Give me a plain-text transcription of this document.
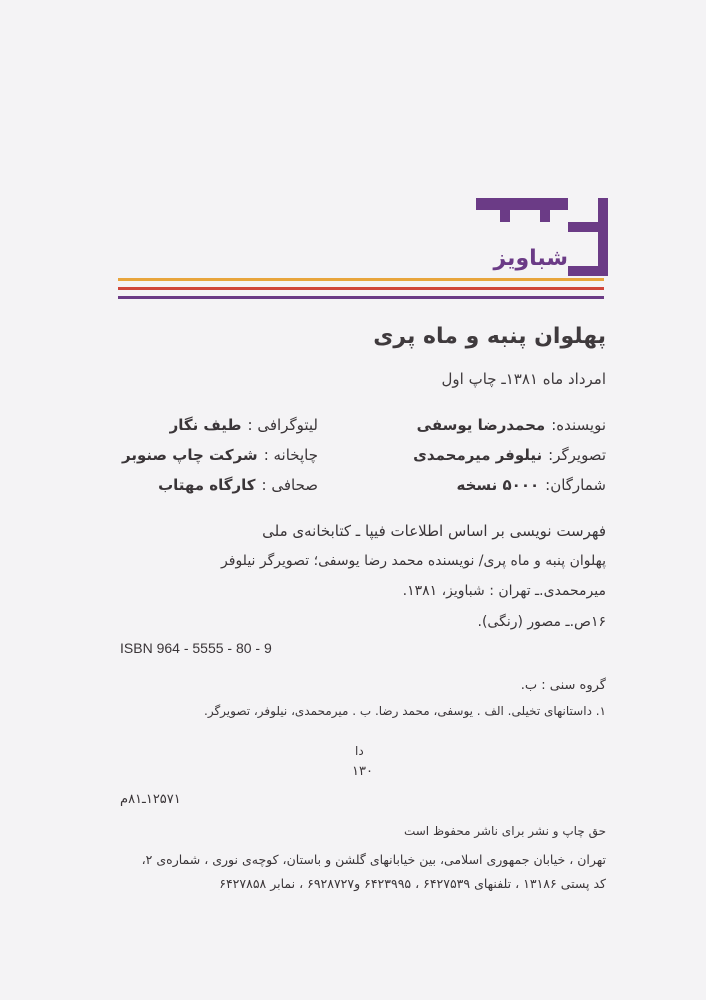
شباویز
پهلوان پنبه و ماه پری
امرداد ماه ۱۳۸۱ـ چاپ اول
نویسنده:محمدرضا یوسفی
تصویرگر:نیلوفر میرمحمدی
شمارگان:۵۰۰۰ نسخه
لیتوگرافی :طیف نگار
چاپخانه :شرکت چاپ صنوبر
صحافی :کارگاه مهتاب
فهرست نویسی بر اساس اطلاعات فیپا ـ کتابخانه‌ی ملی
پهلوان پنبه و ماه پری/ نویسنده محمد رضا یوسفی؛ تصویرگر نیلوفر
میرمحمدی.ـ تهران : شباویز، ۱۳۸۱.
۱۶ص.ـ مصور (رنگی).
ISBN 964 - 5555 - 80 - 9
گروه سنی : ب.
۱. داستانهای تخیلی. الف . یوسفی، محمد رضا. ب . میرمحمدی، نیلوفر، تصویرگر.
دا
۱۳۰
۱۲۵۷۱ـ۸۱م
حق چاپ و نشر برای ناشر محفوظ است
تهران ، خیابان جمهوری اسلامی، بین خیابانهای گلشن و باستان، کوچه‌ی نوری ، شماره‌ی ۲،
کد پستی ۱۳۱۸۶ ، تلفنهای ۶۴۲۷۵۳۹ ، ۶۴۲۳۹۹۵ و۶۹۲۸۷۲۷ ، نمابر ۶۴۲۷۸۵۸
